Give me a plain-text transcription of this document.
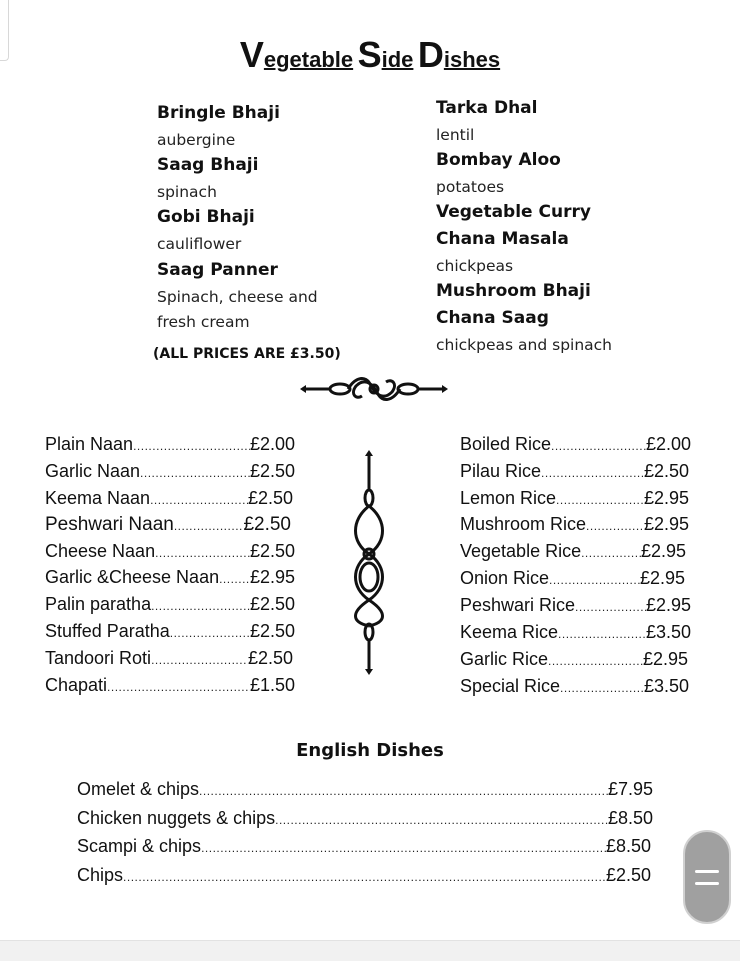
Vegetable Side Dishes
Bringle Bhaji
aubergine
Saag Bhaji
spinach
Gobi Bhaji
cauliflower
Saag Panner
Spinach, cheese and
fresh cream
Tarka Dhal
lentil
Bombay Aloo
potatoes
Vegetable Curry
Chana Masala
chickpeas
Mushroom Bhaji
Chana Saag
chickpeas and spinach
(ALL PRICES ARE £3.50)
Plain Naan .....	£2.00
Garlic Naan .....	£2.50
Keema Naan .....	£2.50
Peshwari Naan .....	£2.50
Cheese Naan .....	£2.50
Garlic &Cheese Naan ..... £2.95
Palin paratha .....	£2.50
Stuffed Paratha .....	£2.50
Tandoori Roti .....	£2.50
Chapati .....	£1.50
Boiled Rice .....	£2.00
Pilau Rice .....	£2.50
Lemon Rice .....	£2.95
Mushroom Rice .....	£2.95
Vegetable Rice .....	£2.95
Onion Rice .....	£2.95
Peshwari Rice .....	£2.95
Keema Rice .....	£3.50
Garlic Rice .....	£2.95
Special Rice .....	£3.50
English Dishes
Omelet & chips .....	£7.95
Chicken nuggets & chips .....	£8.50
Scampi & chips .....	£8.50
Chips .....	£2.50
